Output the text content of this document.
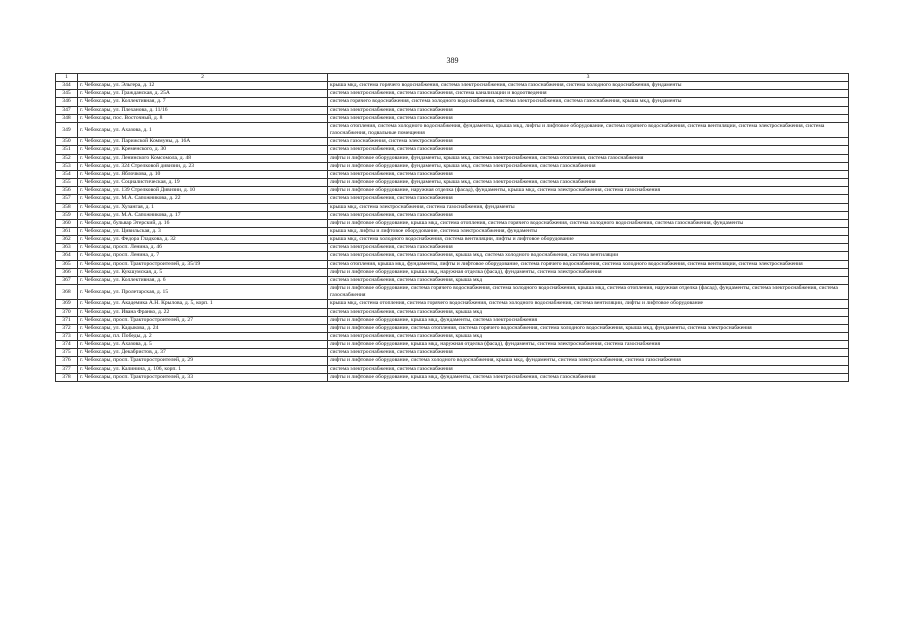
389
1	2	3
344	г. Чебоксары, ул. Эльгера, д. 12	крыша мкд, система горячего водоснабжения, система электроснабжения, система газоснабжения, система холодного водоснабжения, фундаменты
345	г. Чебоксары, ул. Гражданская, д. 25А	система электроснабжения, система газоснабжения, система канализации и водоотведения
346	г. Чебоксары, ул. Коллективная, д. 7	система горячего водоснабжения, система холодного водоснабжения, система электроснабжения, система газоснабжения, крыша мкд, фундаменты
347	г. Чебоксары, ул. Плеханова, д. 11/16	система электроснабжения, система газоснабжения
348	г. Чебоксары, пос. Восточный, д. 8	система электроснабжения, система газоснабжения
349	г. Чебоксары, ул. Ахазова, д. 1	система отопления, система холодного водоснабжения, фундаменты, крыша мкд, лифты и лифтовое оборудование, система горячего водоснабжения, система вентиляции, система электроснабжения, система газоснабжения, подвальные помещения
350	г. Чебоксары, ул. Парижской Коммуны, д. 16А	система газоснабжения, система электроснабжения
351	г. Чебоксары, ул. Кременского, д. 30	система электроснабжения, система газоснабжения
352	г. Чебоксары, ул. Ленинского Комсомола, д. 48	лифты и лифтовое оборудование, фундаменты, крыша мкд, система электроснабжения, система отопления, система газоснабжения
353	г. Чебоксары, ул. 324 Стрелковой дивизии, д. 23	лифты и лифтовое оборудование, фундаменты, крыша мкд, система электроснабжения, система газоснабжения
354	г. Чебоксары, ул. Яблочкова, д. 10	система электроснабжения, система газоснабжения
355	г. Чебоксары, ул. Социалистическая, д. 19	лифты и лифтовое оборудование, фундаменты, крыша мкд, система электроснабжения, система газоснабжения
356	г. Чебоксары, ул. 139 Стрелковой Дивизии, д. 10	лифты и лифтовое оборудование, наружная отделка (фасад), фундаменты, крыша мкд, система электроснабжения, система газоснабжения
357	г. Чебоксары, ул. М.А. Сапожникова, д. 22	система электроснабжения, система газоснабжения
358	г. Чебоксары, ул. Хузангая, д. 1	крыша мкд, система электроснабжения, система газоснабжения, фундаменты
359	г. Чебоксары, ул. М.А. Сапожникова, д. 17	система электроснабжения, система газоснабжения
360	г. Чебоксары, бульвар Эгерский, д. 16	лифты и лифтовое оборудование, крыша мкд, система отопления, система горячего водоснабжения, система холодного водоснабжения, система газоснабжения, фундаменты
361	г. Чебоксары, ул. Цивильская, д. 3	крыша мкд, лифты и лифтовое оборудование, система электроснабжения, фундаменты
362	г. Чебоксары, ул. Федора Гладкова, д. 32	крыша мкд, система холодного водоснабжения, система вентиляции, лифты и лифтовое оборудование
363	г. Чебоксары, просп. Ленина, д. 46	система электроснабжения, система газоснабжения
364	г. Чебоксары, просп. Ленина, д. 7	система электроснабжения, система газоснабжения, крыша мкд, система холодного водоснабжения, система вентиляции
365	г. Чебоксары, просп. Тракторостроителей, д. 35/19	система отопления, крыша мкд, фундаменты, лифты и лифтовое оборудование, система горячего водоснабжения, система холодного водоснабжения, система вентиляции, система электроснабжения
366	г. Чебоксары, ул. Кукшумская, д. 5	лифты и лифтовое оборудование, крыша мкд, наружная отделка (фасад), фундаменты, система электроснабжения
367	г. Чебоксары, ул. Коллективная, д. 6	система электроснабжения, система газоснабжения, крыша мкд
368	г. Чебоксары, ул. Пролетарская, д. 15	лифты и лифтовое оборудование, система горячего водоснабжения, система холодного водоснабжения, крыша мкд, система отопления, наружная отделка (фасад), фундаменты, система электроснабжения, система газоснабжения
369	г. Чебоксары, ул. Академика А.Н. Крылова, д. 5, корп. 1	крыша мкд, система отопления, система горячего водоснабжения, система холодного водоснабжения, система вентиляции, лифты и лифтовое оборудование
370	г. Чебоксары, ул. Ивана Франко, д. 22	система электроснабжения, система газоснабжения, крыша мкд
371	г. Чебоксары, просп. Тракторостроителей, д. 27	лифты и лифтовое оборудование, крыша мкд, фундаменты, система электроснабжения
372	г. Чебоксары, ул. Кадыкова, д. 24	лифты и лифтовое оборудование, система отопления, система горячего водоснабжения, система холодного водоснабжения, крыша мкд, фундаменты, система электроснабжения
373	г. Чебоксары, пл. Победы, д. 2	система электроснабжения, система газоснабжения, крыша мкд
374	г. Чебоксары, ул. Ахазова, д. 5	лифты и лифтовое оборудование, крыша мкд, наружная отделка (фасад), фундаменты, система электроснабжения, система газоснабжения
375	г. Чебоксары, ул. Декабристов, д. 37	система электроснабжения, система газоснабжения
376	г. Чебоксары, просп. Тракторостроителей, д. 29	лифты и лифтовое оборудование, система холодного водоснабжения, крыша мкд, фундаменты, система электроснабжения, система газоснабжения
377	г. Чебоксары, ул. Калинина, д. 106, корп. 1	система электроснабжения, система газоснабжения
378	г. Чебоксары, просп. Тракторостроителей, д. 33	лифты и лифтовое оборудование, крыша мкд, фундаменты, система электроснабжения, система газоснабжения
